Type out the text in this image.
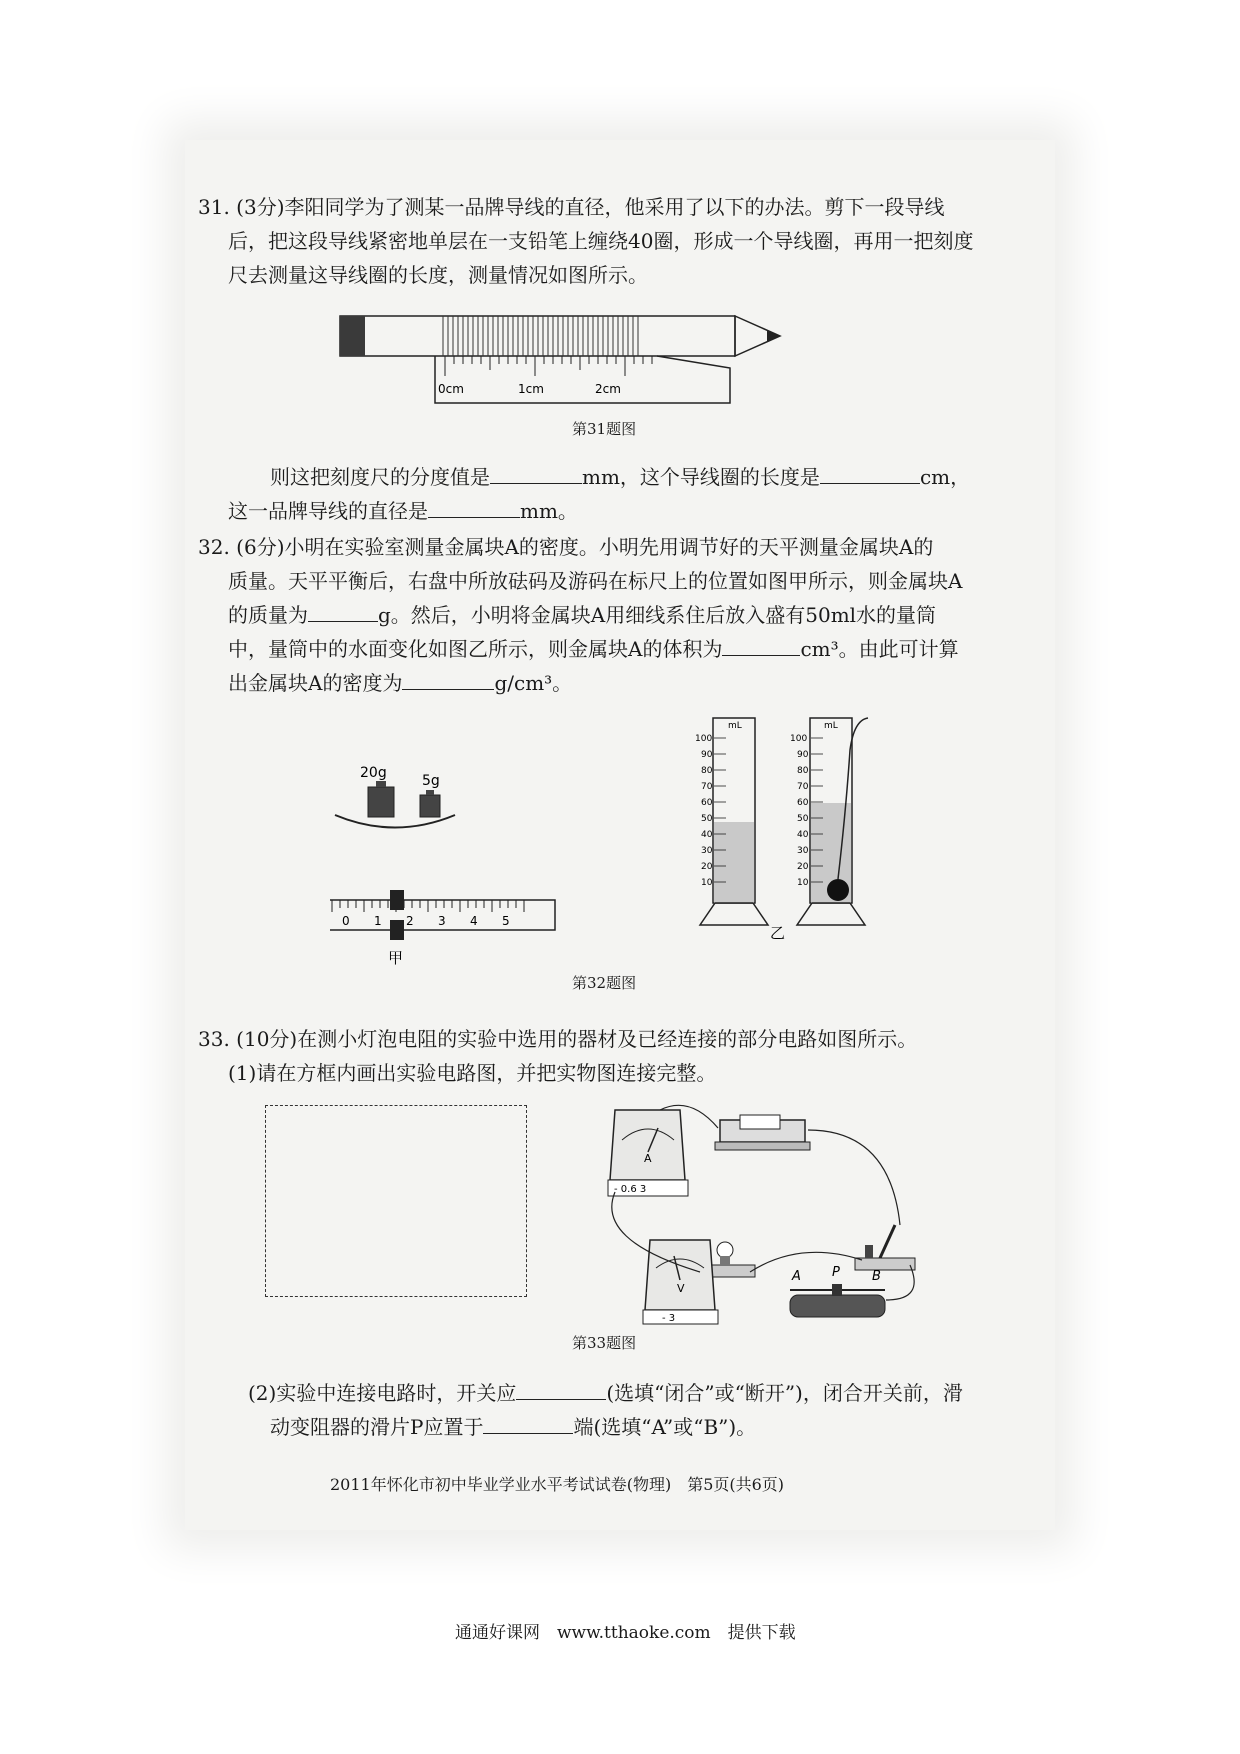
31. (3分)李阳同学为了测某一品牌导线的直径，他采用了以下的办法。剪下一段导线
后，把这段导线紧密地单层在一支铅笔上缠绕40圈，形成一个导线圈，再用一把刻度
尺去测量这导线圈的长度，测量情况如图所示。
0cm	1cm	2cm
第31题图
则这把刻度尺的分度值是	mm，这个导线圈的长度是	cm，
这一品牌导线的直径是	mm。
32. (6分)小明在实验室测量金属块A的密度。小明先用调节好的天平测量金属块A的
质量。天平平衡后，右盘中所放砝码及游码在标尺上的位置如图甲所示，则金属块A
的质量为	g。然后，小明将金属块A用细线系住后放入盛有50ml水的量筒
中，量筒中的水面变化如图乙所示，则金属块A的体积为	cm³。由此可计算
出金属块A的密度为	g/cm³。
20g	5g
0 1 2 3 4 5
甲
mL
100
90
80
70
60
50
40
30
20
10
mL
100
90
80
70
60
50
40
30
20
10
乙
第32题图
33. (10分)在测小灯泡电阻的实验中选用的器材及已经连接的部分电路如图所示。
(1)请在方框内画出实验电路图，并把实物图连接完整。
A
- 0.6 3
V
- 3
A P B
第33题图
(2)实验中连接电路时，开关应	(选填“闭合”或“断开”)，闭合开关前，滑
动变阻器的滑片P应置于	端(选填“A”或“B”)。
2011年怀化市初中毕业学业水平考试试卷(物理)　第5页(共6页)
通通好课网　www.tthaoke.com　提供下载
